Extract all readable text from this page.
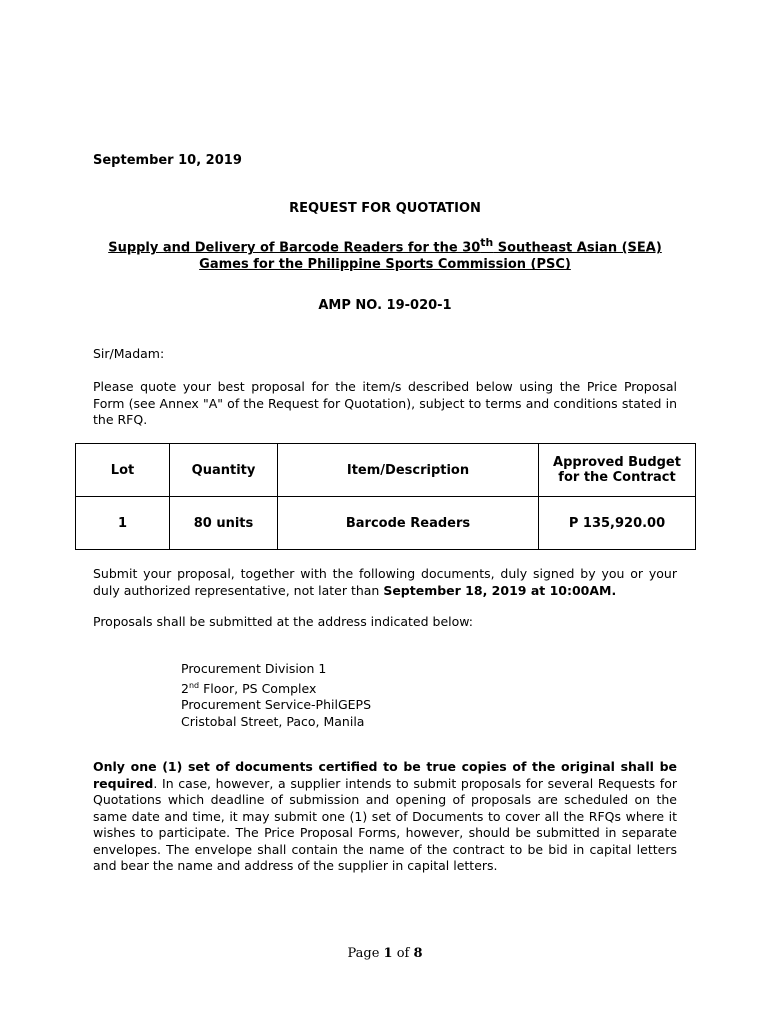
September 10, 2019
REQUEST FOR QUOTATION
Supply and Delivery of Barcode Readers for the 30th Southeast Asian (SEA)
Games for the Philippine Sports Commission (PSC)
AMP NO. 19-020-1
Sir/Madam:
Please quote your best proposal for the item/s described below using the Price Proposal Form (see Annex "A" of the Request for Quotation), subject to terms and conditions stated in the RFQ.
Lot	Quantity	Item/Description	Approved Budget
for the Contract
1	80 units	Barcode Readers	P 135,920.00
Submit your proposal, together with the following documents, duly signed by you or your duly authorized representative, not later than September 18, 2019 at 10:00AM.
Proposals shall be submitted at the address indicated below:
Procurement Division 1
2nd Floor, PS Complex
Procurement Service-PhilGEPS
Cristobal Street, Paco, Manila
Only one (1) set of documents certified to be true copies of the original shall be required. In case, however, a supplier intends to submit proposals for several Requests for Quotations which deadline of submission and opening of proposals are scheduled on the same date and time, it may submit one (1) set of Documents to cover all the RFQs where it wishes to participate. The Price Proposal Forms, however, should be submitted in separate envelopes. The envelope shall contain the name of the contract to be bid in capital letters and bear the name and address of the supplier in capital letters.
Page 1 of 8
